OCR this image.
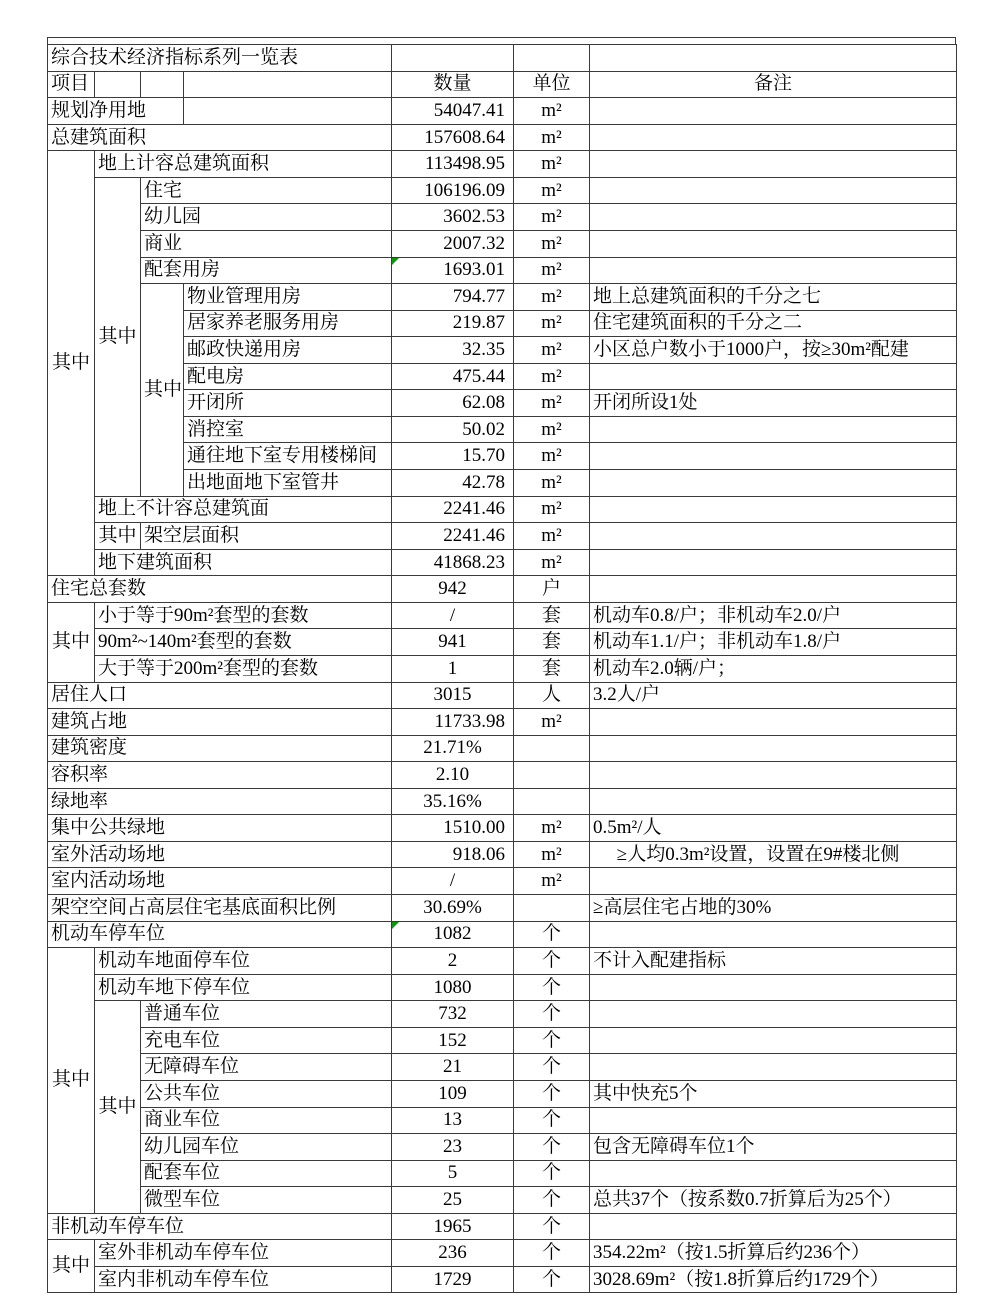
综合技术经济指标系列一览表						
项目				数量	单位	备注
规划净用地				54047.41	m²	
总建筑面积				157608.64	m²	
其中	地上计容总建筑面积			113498.95	m²	
	其中	住宅		106196.09	m²	
		幼儿园		3602.53	m²	
		商业		2007.32	m²	
		配套用房		1693.01	m²	
		其中	物业管理用房	794.77	m²	地上总建筑面积的千分之七
			居家养老服务用房	219.87	m²	住宅建筑面积的千分之二
			邮政快递用房	32.35	m²	小区总户数小于1000户，按≥30m²配建
			配电房	475.44	m²	
			开闭所	62.08	m²	开闭所设1处
			消控室	50.02	m²	
			通往地下室专用楼梯间	15.70	m²	
			出地面地下室管井	42.78	m²	
	地上不计容总建筑面			2241.46	m²	
	其中	架空层面积		2241.46	m²	
	地下建筑面积			41868.23	m²	
住宅总套数				942	户	
其中	小于等于90m²套型的套数			/	套	机动车0.8/户；非机动车2.0/户
	90m²~140m²套型的套数			941	套	机动车1.1/户；非机动车1.8/户
	大于等于200m²套型的套数			1	套	机动车2.0辆/户；
居住人口				3015	人	3.2人/户
建筑占地				11733.98	m²	
建筑密度				21.71%		
容积率				2.10		
绿地率				35.16%		
集中公共绿地				1510.00	m²	0.5m²/人
室外活动场地				918.06	m²	　 ≥人均0.3m²设置，设置在9#楼北侧
室内活动场地				/	m²	
架空空间占高层住宅基底面积比例				30.69%		≥高层住宅占地的30%
机动车停车位				1082	个	
其中	机动车地面停车位			2	个	不计入配建指标
	机动车地下停车位			1080	个	
	其中	普通车位		732	个	
		充电车位		152	个	
		无障碍车位		21	个	
		公共车位		109	个	其中快充5个
		商业车位		13	个	
		幼儿园车位		23	个	包含无障碍车位1个
		配套车位		5	个	
		微型车位		25	个	总共37个（按系数0.7折算后为25个）
非机动车停车位				1965	个	
其中	室外非机动车停车位			236	个	354.22m²（按1.5折算后约236个）
	室内非机动车停车位			1729	个	3028.69m²（按1.8折算后约1729个）
